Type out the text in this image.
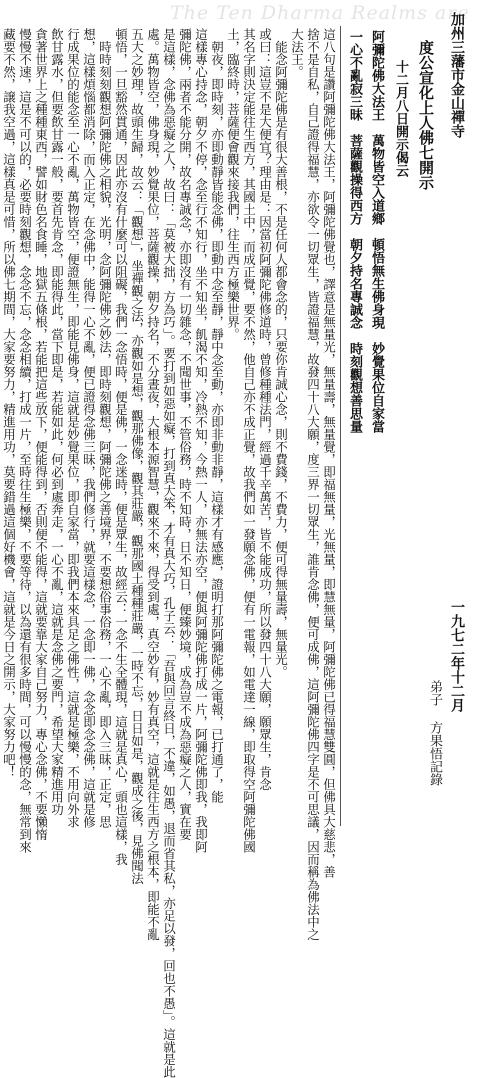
The Ten Dharma Realms are
加州三藩市金山禪寺
一九七二年十二月
弟子 方果悟記錄
度公宣化上人佛七開示
十二月八日開示偈云
阿彌陀佛大法王　萬物皆空入道鄉　頓悟無生佛身現　妙覺果位自家當
一心不亂寂三昧　菩薩觀操得西方　朝夕持名專誠念　時刻觀想善思量
這八句是讚阿彌陀佛大法王，阿彌陀佛覺也，譯意是無量光，無量壽，無量覺，即福無量，光無量，即慧無量，阿彌陀佛已得福慧雙圓，但佛具大慈悲，善
捨不是自私，自己證得福慧，亦欲令一切眾生，皆證福慧，故發四十八大願，度三界一切眾生，誰肯念佛，便可成佛，這阿彌陀佛四字是不可思議，因而稱為佛法中之
大法王。
　能念阿彌陀佛是有很大善根，不是任何人都會念的，只要你肯誠心念，則不費錢，不費力，便可得無量壽，無量光。
或曰：這豈不是大便宜？理由是：因當初阿彌陀佛修道時，曾修種種法門，經過千辛萬苦，皆不能成功，所以發四十八大願，願眾生，肯念
其名字則決定能往生西方，其國土中，而成正覺，要不然，他自己亦不成正覺，故我們如一發願念佛，便有一電報，如電達一線，即取得空阿彌陀佛國
土，臨終時，菩薩便會觀來接我們，往生西方極樂世界。
　朝夜，即時刻，亦即動靜皆能念佛，即動中念至靜，靜中念至動，亦即非動非靜，這樣才有感應，證明打那阿彌陀佛之電報，已打通了，能
這樣專心持念，朝夕不停，念至行不知行，坐不知坐，飢渴不知，冷熱不知，今熱一人，亦無法亦空，便與阿彌陀佛打成一片，阿彌陀佛即我，我即阿
彌陀佛，兩者不能分開，故名專誠念，亦即沒有一切雜念，不聞世事，不管俗務，時不知時，日不知日，便臻妙境，成為豈不成為惡癡之人，實在要
是這樣，念佛為惡癡之人，故曰：「莫被大拙，方為巧」。要打到如惡如癡，打到真大笨，才有真大巧，孔子云：「吾與回言終日，不違，如愚，退而省其私，亦足以發，回也不愚」。這就是此
處。萬物皆空，佛身現，妙覺果位，菩薩觀操，朝夕持名，不分晝夜，大根本源智慧，觀來不來，得受到處，真空妙有，妙有真空，這就是往生西方之根本，即能不亂
五大之妙理，故頭生歸，故云：「觀想」，坐禪觀之法，亦觀如是想，觀那佛像，觀其莊嚴，觀那國土種種莊嚴，一時不忘，日日如是，觀成之後，見佛聞法
頓悟，一旦豁然貫通，因此亦沒有什麼可以阻礙，我們一念悟時，便是佛，一念迷時，便是眾生，故經云：一念不生全體現，這就是真心，頭也這樣，我
　時時刻刻觀想阿彌陀佛之相貌，光明，念阿彌陀佛之妙法，即時刻觀想，阿彌陀佛之善境界，不要想俗事俗務，一心不亂，即入三昧，正定，思
想，這樣煩惱都消除，而入正定，在念佛中，能得一心不亂，便已證得念佛三昧，我們修行，就要這樣念，一念即一佛，念念即念念佛，這就是修
行成果位的能念至一心不亂，萬物皆空，便證無生，即能見佛身，這就是妙覺果位，即自家當，即我們本來具足之佛性，這就是極樂，不用向外求
飲甘露水，但要飲甘露一般，要首先肯念，即能得此，當下即是，若能如此，何必到處奔走，一心不亂，這就是念佛之要門，希望大家精進用功
貪著世界上之種種東西，譬如財色名食睡，地獄五條根，若能把這些放下，便能得到，否則便不能得，這就要靠大家自己努力，專心念佛，不要懶惰
慢慢不速，這是不可以的，必要時刻觀想，念念不忘，念念相續，打成一片，至時往生極樂，不要等待，以為還有很多時間，可以慢慢的念，無常到來
藏要不然，譲我空過，這樣真是可惜，所以佛七期間，大家要努力，精進用功，莫要錯過這個好機會，這就是今日之開示，大家努力吧！
